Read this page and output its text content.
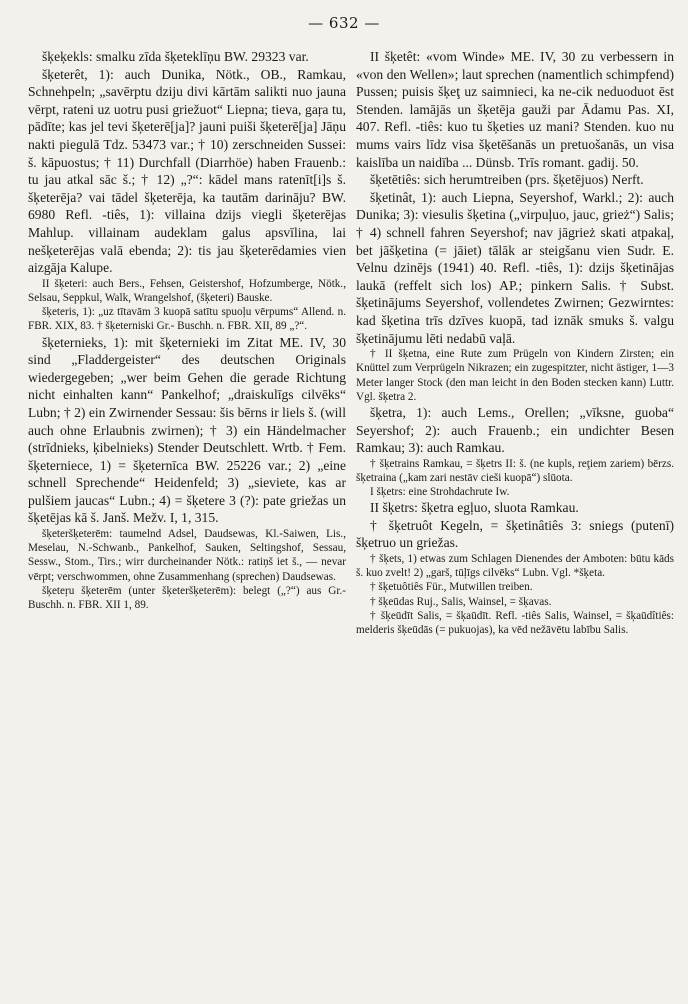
— 632 —
šķeķekls: smalku zīda šķeteklīņu BW. 29323 var.
šķeterêt, 1): auch Dunika, Nötk., OB., Ramkau, Schnehpeln; „savērptu dziju divi kārtām salikti nuo jauna vērpt, rateni uz uotru pusi griežuot“ Liepna; tieva, gaŗa tu, pādīte; kas jel tevi šķeterē[ja]? jauni puiši šķeterē[ja] Jāņu nakti piegulā Tdz. 53473 var.; † 10) zerschneiden Sussei: š. kāpuostus; † 11) Durchfall (Diarrhöe) haben Frauenb.: tu jau atkal sāc š.; † 12) „?“: kādel mans ratenīt[i]s š. šķeterēja? vai tādel šķeterēja, ka tautām darināju? BW. 6980 Refl. -tiês, 1): villaina dzijs viegli šķeterējas Mahlup. villainam audeklam galus apsvīlina, lai nešķeterējas valā ebenda; 2): tis jau šķeterēdamies vien aizgāja Kalupe.
II šķeteri: auch Bers., Fehsen, Geistershof, Hofzumberge, Nötk., Selsau, Seppkul, Walk, Wrangelshof, (šķeteri) Bauske.
šķeteris, 1): „uz tītavām 3 kuopā satītu spuoļu vērpums“ Allend. n. FBR. XIX, 83. † šķeterniski Gr.- Buschh. n. FBR. XII, 89 „?“.
šķeternieks, 1): mit šķeternieki im Zitat ME. IV, 30 sind „Fladdergeister“ des deutschen Originals wiedergegeben; „wer beim Gehen die gerade Richtung nicht einhalten kann“ Pankelhof; „draiskulīgs cilvēks“ Lubn; † 2) ein Zwirnender Sessau: šis bērns ir liels š. (will auch ohne Erlaubnis zwirnen); † 3) ein Händelmacher (strīdnieks, ķibelnieks) Stender Deutschlett. Wrtb. † Fem. šķeterniece, 1) = šķeternīca BW. 25226 var.; 2) „eine schnell Sprechende“ Heidenfeld; 3) „sieviete, kas ar pulšiem jaucas“ Lubn.; 4) = šķetere 3 (?): pate griežas un šķetējas kā š. Janš. Mežv. I, 1, 315.
šķeteršķeterēm: taumelnd Adsel, Daudsewas, Kl.-Saiwen, Lis., Meselau, N.-Schwanb., Pankelhof, Sauken, Seltingshof, Sessau, Sessw., Stom., Tirs.; wirr durcheinander Nötk.: ratiņš iet š., — nevar vērpt; verschwommen, ohne Zusammenhang (sprechen) Daudsewas.
šķeteŗu šķeterēm (unter šķeteršķeterēm): belegt („?“) aus Gr.-Buschh. n. FBR. XII 1, 89.
II šķetêt: «vom Winde» ME. IV, 30 zu verbessern in «von den Wellen»; laut sprechen (namentlich schimpfend) Pussen; puisis šķeţ uz saimnieci, ka ne-cik neduoduot ēst Stenden. lamājās un šķetēja gauži par Ādamu Pas. XI, 407. Refl. -tiês: kuo tu šķeties uz mani? Stenden. kuo nu mums vairs līdz visa šķetēšanās un pretuošanās, un visa kaislība un naidība ... Dünsb. Trīs romant. gadij. 50.
šķetētiês: sich herumtreiben (prs. šķetējuos) Nerft.
šķetinât, 1): auch Liepna, Seyershof, Warkl.; 2): auch Dunika; 3): viesulis šķetina („virpuļuo, jauc, grież“) Salis; † 4) schnell fahren Seyershof; nav jāgrież skati atpakaļ, bet jāšķetina (= jāiet) tālāk ar steigšanu vien Sudr. E. Velnu dzinējs (1941) 40. Refl. -tiês, 1): dzijs šķetinājas laukā (reffelt sich los) AP.; pinkern Salis. † Subst. šķetinājums Seyershof, vollendetes Zwirnen; Gezwirntes: kad šķetina trīs dzīves kuopā, tad iznāk smuks š. valgu šķetinājumu lēti nedabū vaļā.
† II šķetna, eine Rute zum Prügeln von Kindern Zirsten; ein Knüttel zum Verprügeln Nikrazen; ein zugespitzter, nicht ästiger, 1—3 Meter langer Stock (den man leicht in den Boden stecken kann) Luttr. Vgl. šķetra 2.
šķetra, 1): auch Lems., Orellen; „vīksne, guoba“ Seyershof; 2): auch Frauenb.; ein undichter Besen Ramkau; 3): auch Ramkau.
† šķetrains Ramkau, = šķetrs II: š. (ne kupls, reţiem zariem) bērzs. šķetraina („kam zari nestāv cieši kuopā“) slūota.
I šķetrs: eine Strohdachrute Iw.
II šķetrs: šķetra egļuo, sluota Ramkau.
† šķetruôt Kegeln, = šķetinâtiês 3: sniegs (putenī) šķetruo un griežas.
† šķets, 1) etwas zum Schlagen Dienendes der Amboten: būtu kāds š. kuo zvelt! 2) „garš, tūļīgs cilvēks“ Lubn. Vgl. *šķeta.
† šķetuôtiês Für., Mutwillen treiben.
† šķeūdas Ruj., Salis, Wainsel, = šķavas.
† šķeūdīt Salis, = šķaūdīt. Refl. -tiês Salis, Wainsel, = šķaūdîtiês: melderis šķeūdās (= pukuojas), ka vēd nežāvētu labību Salis.
